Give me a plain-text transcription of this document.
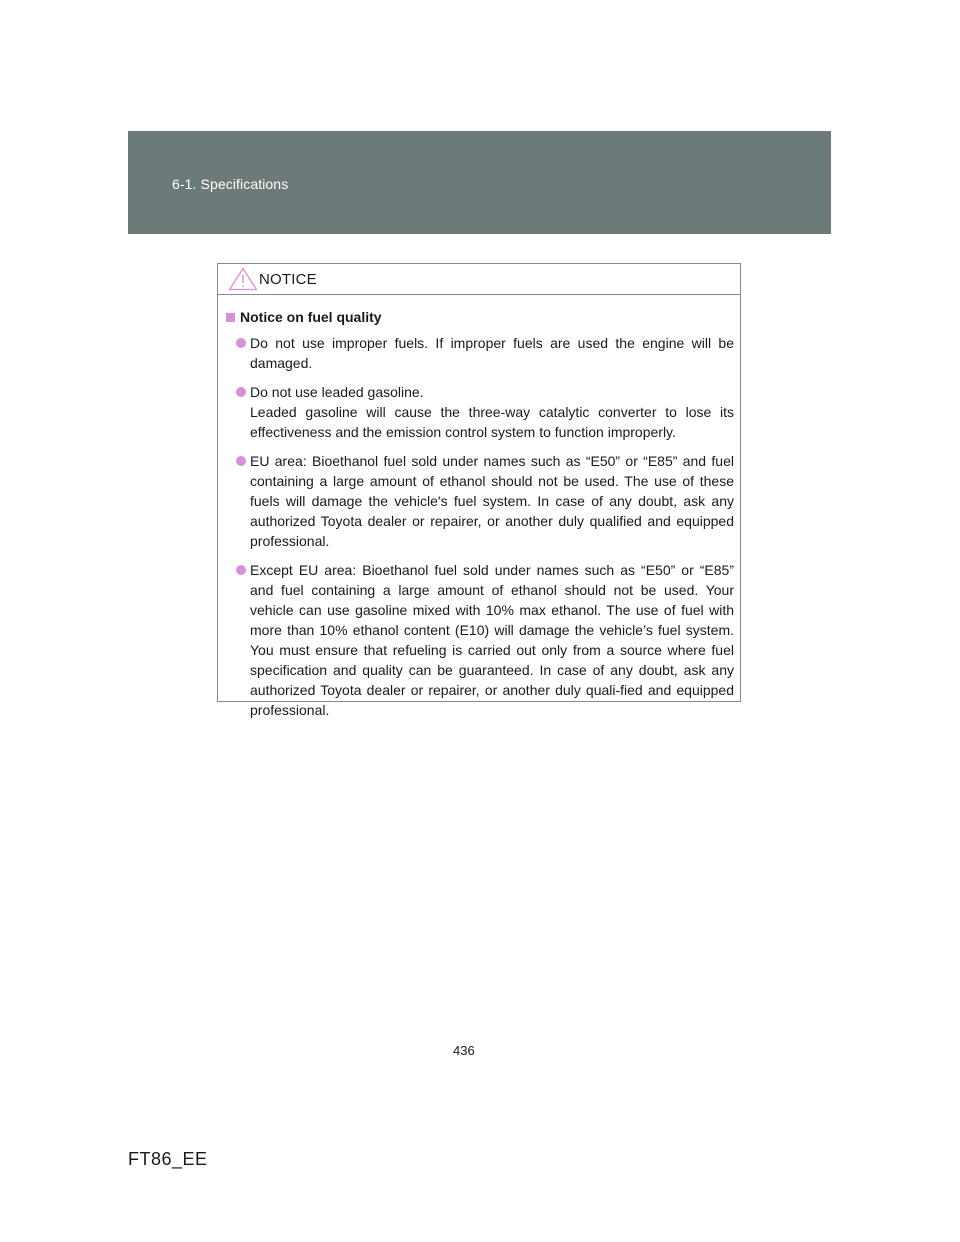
6-1. Specifications
NOTICE
Notice on fuel quality

Do not use improper fuels. If improper fuels are used the engine will be damaged.

Do not use leaded gasoline.

Leaded gasoline will cause the three-way catalytic converter to lose its effectiveness and the emission control system to function improperly.

EU area: Bioethanol fuel sold under names such as “E50” or “E85” and fuel containing a large amount of ethanol should not be used. The use of these fuels will damage the vehicle's fuel system. In case of any doubt, ask any authorized Toyota dealer or repairer, or another duly qualified and equipped professional.

Except EU area: Bioethanol fuel sold under names such as “E50” or “E85” and fuel containing a large amount of ethanol should not be used. Your vehicle can use gasoline mixed with 10% max ethanol. The use of fuel with more than 10% ethanol content (E10) will damage the vehicle’s fuel system. You must ensure that refueling is carried out only from a source where fuel specification and quality can be guaranteed. In case of any doubt, ask any authorized Toyota dealer or repairer, or another duly quali-fied and equipped professional.

436
FT86_EE
